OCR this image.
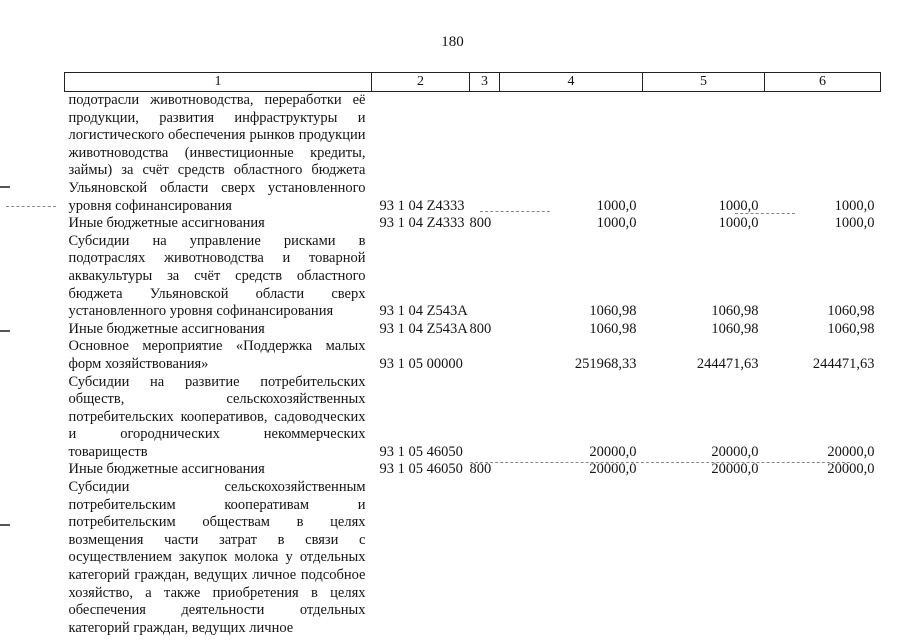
180
1	2	3	4	5	6
подотрасли животноводства, переработки её продукции, развития инфраструктуры и логистического обеспечения рынков продукции животноводства (инвестиционные кредиты, займы) за счёт средств областного бюджета Ульяновской области сверх установленного уровня софинансирования	93 1 04 Z4333		1000,0	1000,0	1000,0
Иные бюджетные ассигнования	93 1 04 Z4333	800	1000,0	1000,0	1000,0
Субсидии на управление рисками в подотраслях животноводства и товарной аквакультуры за счёт средств областного бюджета Ульяновской области сверх установленного уровня софинансирования	93 1 04 Z543A		1060,98	1060,98	1060,98
Иные бюджетные ассигнования	93 1 04 Z543A	800	1060,98	1060,98	1060,98
Основное мероприятие «Поддержка малых форм хозяйствования»	93 1 05 00000		251968,33	244471,63	244471,63
Субсидии на развитие потребительских обществ, сельскохозяйственных потребительских кооперативов, садоводческих и огороднических некоммерческих товариществ	93 1 05 46050		20000,0	20000,0	20000,0
Иные бюджетные ассигнования	93 1 05 46050	800	20000,0	20000,0	20000,0
Субсидии сельскохозяйственным потребительским кооперативам и потребительским обществам в целях возмещения части затрат в связи с осуществлением закупок молока у отдельных категорий граждан, ведущих личное подсобное хозяйство, а также приобретения в целях обеспечения деятельности отдельных категорий граждан, ведущих личное					
